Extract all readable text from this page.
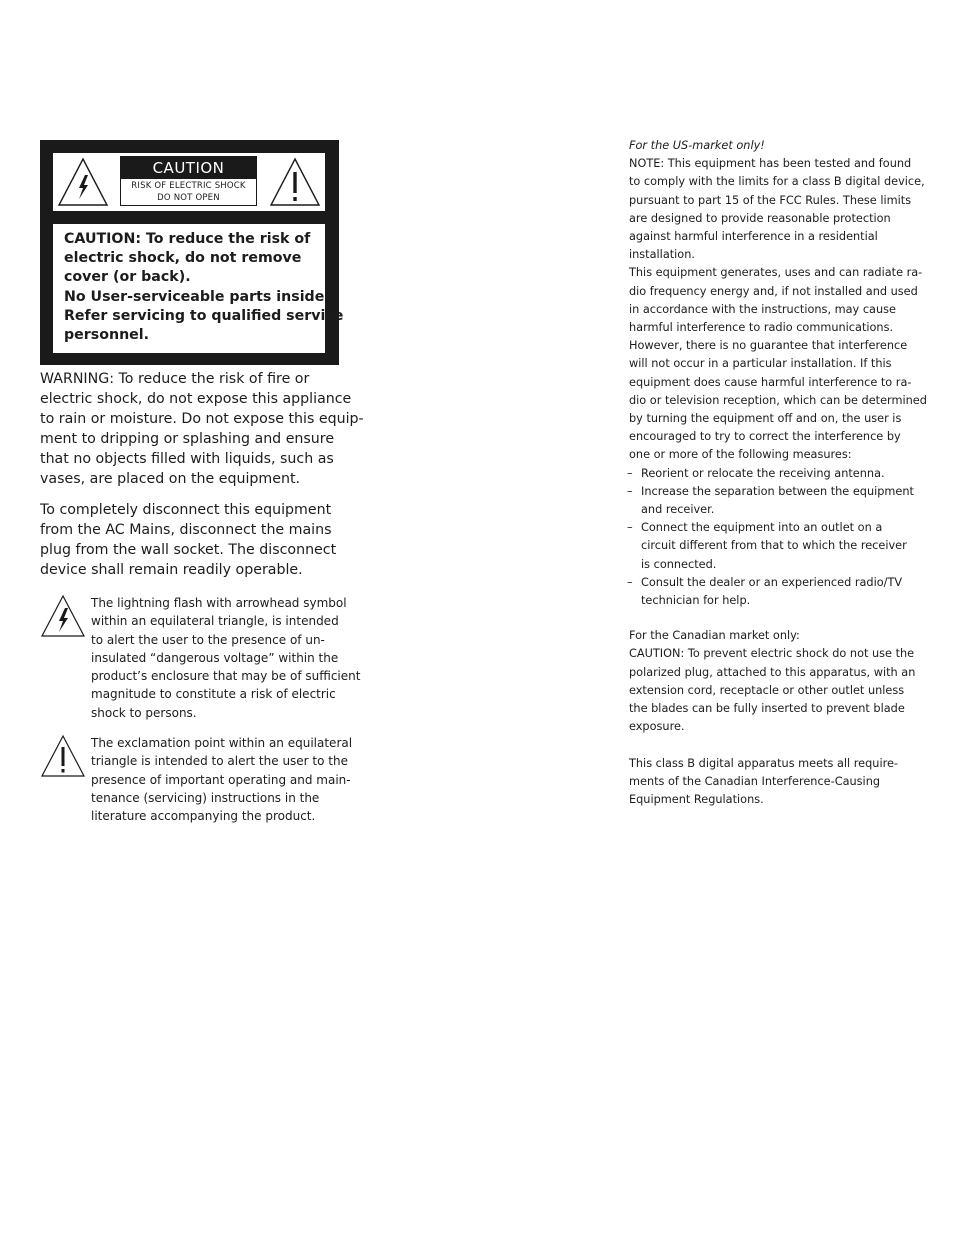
CAUTION
RISK OF ELECTRIC SHOCK
DO NOT OPEN
CAUTION: To reduce the risk of
electric shock, do not remove
cover (or back).
No User-serviceable parts inside.
Refer servicing to qualified service
personnel.
WARNING: To reduce the risk of fire or
electric shock, do not expose this appliance
to rain or moisture. Do not expose this equip-
ment to dripping or splashing and ensure
that no objects filled with liquids, such as
vases, are placed on the equipment.
To completely disconnect this equipment
from the AC Mains, disconnect the mains
plug from the wall socket. The disconnect
device shall remain readily operable.
The lightning flash with arrowhead symbol
within an equilateral triangle, is intended
to alert the user to the presence of un-
insulated “dangerous voltage” within the
product’s enclosure that may be of sufficient
magnitude to constitute a risk of electric
shock to persons.
The exclamation point within an equilateral
triangle is intended to alert the user to the
presence of important operating and main-
tenance (servicing) instructions in the
literature accompanying the product.
For the US-market only!
NOTE: This equipment has been tested and found
to comply with the limits for a class B digital device,
pursuant to part 15 of the FCC Rules. These limits
are designed to provide reasonable protection
against harmful interference in a residential
installation.
This equipment generates, uses and can radiate ra-
dio frequency energy and, if not installed and used
in accordance with the instructions, may cause
harmful interference to radio communications.
However, there is no guarantee that interference
will not occur in a particular installation. If this
equipment does cause harmful interference to ra-
dio or television reception, which can be determined
by turning the equipment off and on, the user is
encouraged to try to correct the interference by
one or more of the following measures:
– Reorient or relocate the receiving antenna.
– Increase the separation between the equipment
and receiver.
– Connect the equipment into an outlet on a
circuit different from that to which the receiver
is connected.
– Consult the dealer or an experienced radio/TV
technician for help.
For the Canadian market only:
CAUTION: To prevent electric shock do not use the
polarized plug, attached to this apparatus, with an
extension cord, receptacle or other outlet unless
the blades can be fully inserted to prevent blade
exposure.
This class B digital apparatus meets all require-
ments of the Canadian Interference-Causing
Equipment Regulations.
